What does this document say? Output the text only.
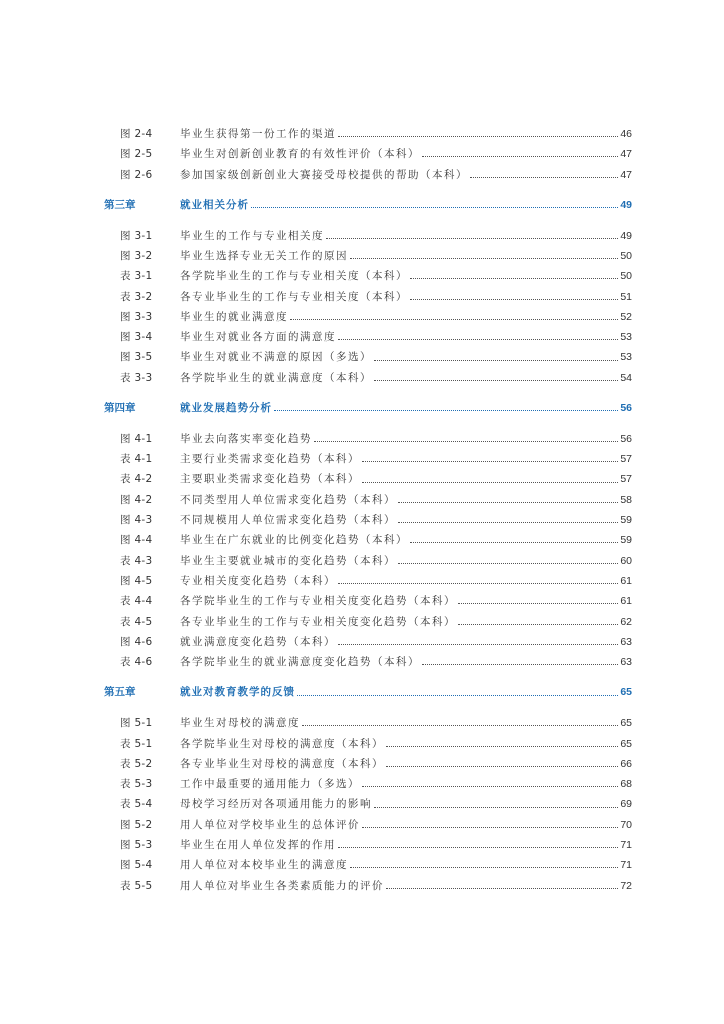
图 2-4	毕业生获得第一份工作的渠道	46
图 2-5	毕业生对创新创业教育的有效性评价（本科）	47
图 2-6	参加国家级创新创业大赛接受母校提供的帮助（本科）	47
第三章	就业相关分析	49
图 3-1	毕业生的工作与专业相关度	49
图 3-2	毕业生选择专业无关工作的原因	50
表 3-1	各学院毕业生的工作与专业相关度（本科）	50
表 3-2	各专业毕业生的工作与专业相关度（本科）	51
图 3-3	毕业生的就业满意度	52
图 3-4	毕业生对就业各方面的满意度	53
图 3-5	毕业生对就业不满意的原因（多选）	53
表 3-3	各学院毕业生的就业满意度（本科）	54
第四章	就业发展趋势分析	56
图 4-1	毕业去向落实率变化趋势	56
表 4-1	主要行业类需求变化趋势（本科）	57
表 4-2	主要职业类需求变化趋势（本科）	57
图 4-2	不同类型用人单位需求变化趋势（本科）	58
图 4-3	不同规模用人单位需求变化趋势（本科）	59
图 4-4	毕业生在广东就业的比例变化趋势（本科）	59
表 4-3	毕业生主要就业城市的变化趋势（本科）	60
图 4-5	专业相关度变化趋势（本科）	61
表 4-4	各学院毕业生的工作与专业相关度变化趋势（本科）	61
表 4-5	各专业毕业生的工作与专业相关度变化趋势（本科）	62
图 4-6	就业满意度变化趋势（本科）	63
表 4-6	各学院毕业生的就业满意度变化趋势（本科）	63
第五章	就业对教育教学的反馈	65
图 5-1	毕业生对母校的满意度	65
表 5-1	各学院毕业生对母校的满意度（本科）	65
表 5-2	各专业毕业生对母校的满意度（本科）	66
表 5-3	工作中最重要的通用能力（多选）	68
表 5-4	母校学习经历对各项通用能力的影响	69
图 5-2	用人单位对学校毕业生的总体评价	70
图 5-3	毕业生在用人单位发挥的作用	71
图 5-4	用人单位对本校毕业生的满意度	71
表 5-5	用人单位对毕业生各类素质能力的评价	72
